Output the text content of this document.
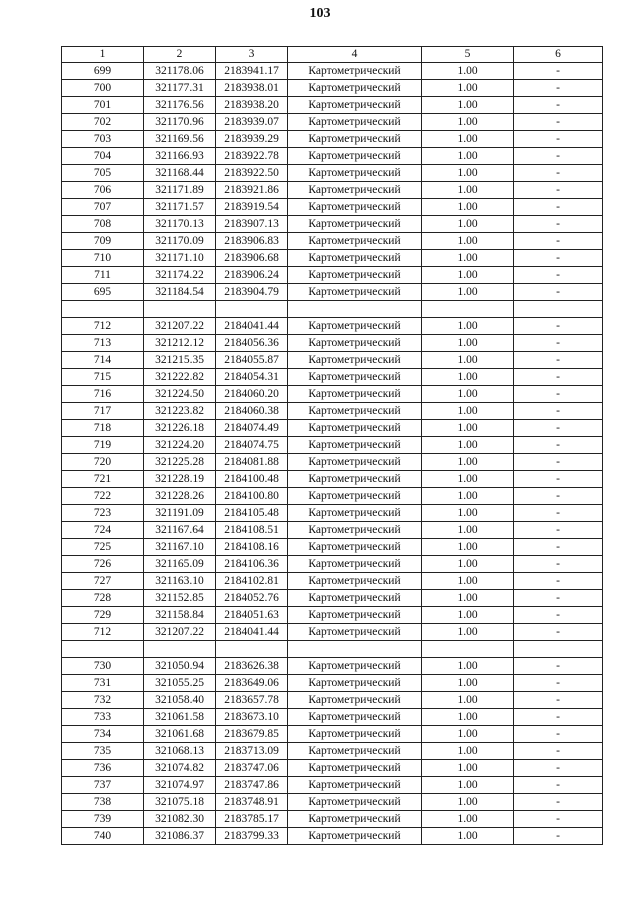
103
1	2	3	4	5	6
699	321178.06	2183941.17	Картометрический	1.00	-
700	321177.31	2183938.01	Картометрический	1.00	-
701	321176.56	2183938.20	Картометрический	1.00	-
702	321170.96	2183939.07	Картометрический	1.00	-
703	321169.56	2183939.29	Картометрический	1.00	-
704	321166.93	2183922.78	Картометрический	1.00	-
705	321168.44	2183922.50	Картометрический	1.00	-
706	321171.89	2183921.86	Картометрический	1.00	-
707	321171.57	2183919.54	Картометрический	1.00	-
708	321170.13	2183907.13	Картометрический	1.00	-
709	321170.09	2183906.83	Картометрический	1.00	-
710	321171.10	2183906.68	Картометрический	1.00	-
711	321174.22	2183906.24	Картометрический	1.00	-
695	321184.54	2183904.79	Картометрический	1.00	-

712	321207.22	2184041.44	Картометрический	1.00	-
713	321212.12	2184056.36	Картометрический	1.00	-
714	321215.35	2184055.87	Картометрический	1.00	-
715	321222.82	2184054.31	Картометрический	1.00	-
716	321224.50	2184060.20	Картометрический	1.00	-
717	321223.82	2184060.38	Картометрический	1.00	-
718	321226.18	2184074.49	Картометрический	1.00	-
719	321224.20	2184074.75	Картометрический	1.00	-
720	321225.28	2184081.88	Картометрический	1.00	-
721	321228.19	2184100.48	Картометрический	1.00	-
722	321228.26	2184100.80	Картометрический	1.00	-
723	321191.09	2184105.48	Картометрический	1.00	-
724	321167.64	2184108.51	Картометрический	1.00	-
725	321167.10	2184108.16	Картометрический	1.00	-
726	321165.09	2184106.36	Картометрический	1.00	-
727	321163.10	2184102.81	Картометрический	1.00	-
728	321152.85	2184052.76	Картометрический	1.00	-
729	321158.84	2184051.63	Картометрический	1.00	-
712	321207.22	2184041.44	Картометрический	1.00	-

730	321050.94	2183626.38	Картометрический	1.00	-
731	321055.25	2183649.06	Картометрический	1.00	-
732	321058.40	2183657.78	Картометрический	1.00	-
733	321061.58	2183673.10	Картометрический	1.00	-
734	321061.68	2183679.85	Картометрический	1.00	-
735	321068.13	2183713.09	Картометрический	1.00	-
736	321074.82	2183747.06	Картометрический	1.00	-
737	321074.97	2183747.86	Картометрический	1.00	-
738	321075.18	2183748.91	Картометрический	1.00	-
739	321082.30	2183785.17	Картометрический	1.00	-
740	321086.37	2183799.33	Картометрический	1.00	-
